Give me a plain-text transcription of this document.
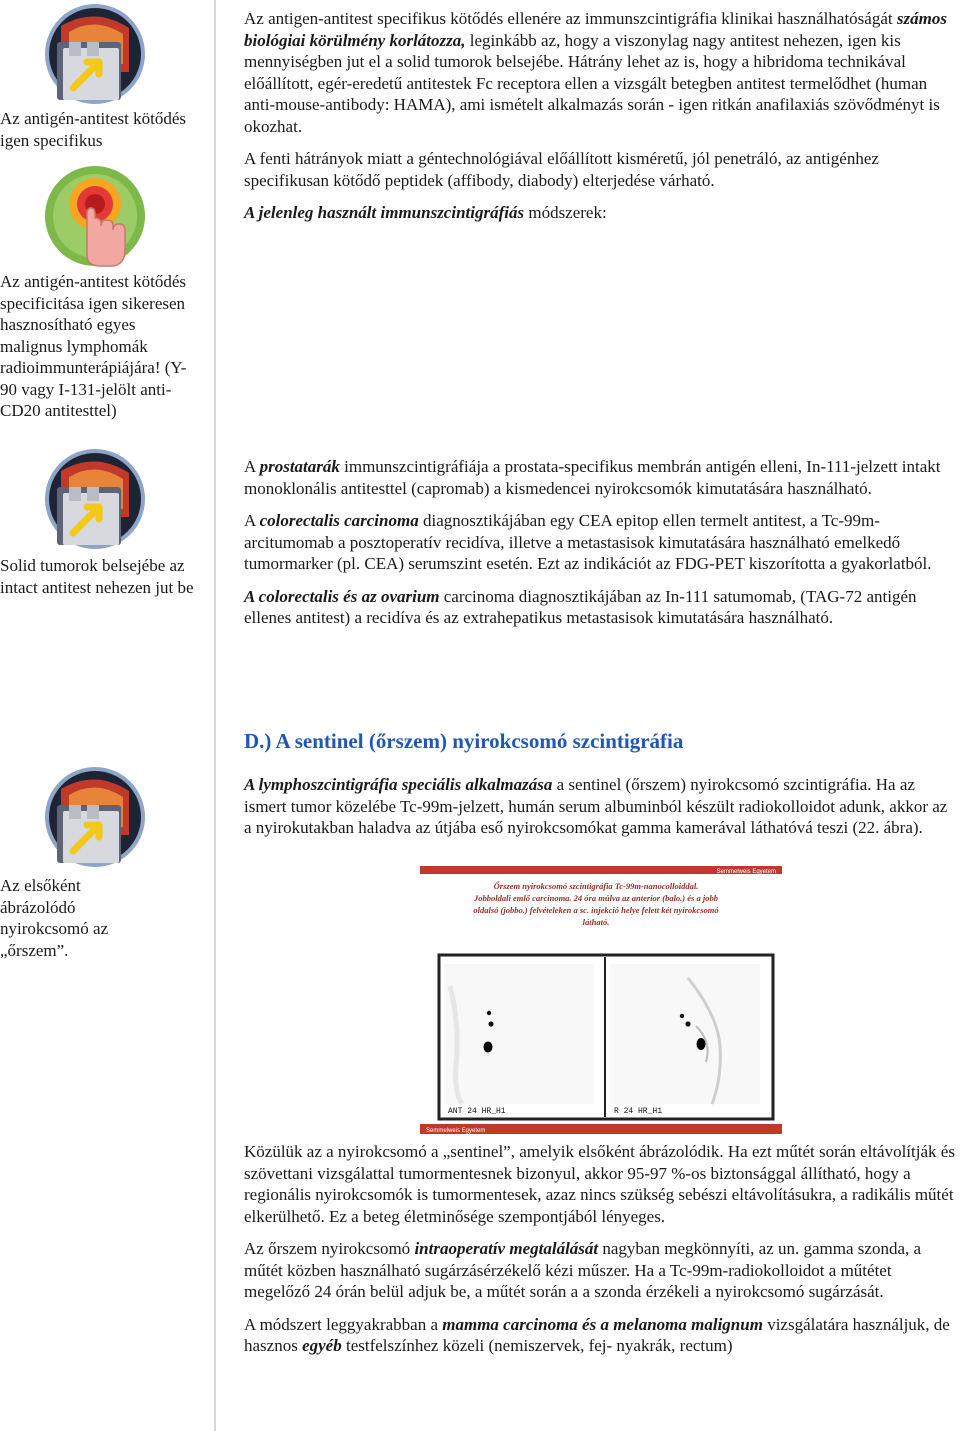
Az antigén-antitest kötődés igen specifikus
Az antigén-antitest kötődés specificitása igen sikeresen hasznosítható egyes malignus lymphomák radioimmunterápiájára! (Y-90 vagy I-131-jelölt anti-CD20 antitesttel)
Solid tumorok belsejébe az intact antitest nehezen jut be
Az elsőként ábrázolódó nyirokcsomó az „őrszem”.

Az antigen-antitest specifikus kötődés ellenére az immunszcintigráfia klinikai használhatóságát számos biológiai körülmény korlátozza, leginkább az, hogy a viszonylag nagy antitest nehezen, igen kis mennyiségben jut el a solid tumorok belsejébe. Hátrány lehet az is, hogy a hibridoma technikával előállított, egér-eredetű antitestek Fc receptora ellen a vizsgált betegben antitest termelődhet (human anti-mouse-antibody: HAMA), ami ismételt alkalmazás során - igen ritkán anafilaxiás szövődményt is okozhat.

A fenti hátrányok miatt a géntechnológiával előállított kisméretű, jól penetráló, az antigénhez specifikusan kötődő peptidek (affibody, diabody) elterjedése várható.

A jelenleg használt immunszcintigráfiás módszerek:

A prostatarák immunszcintigráfiája a prostata-specifikus membrán antigén elleni, In-111-jelzett intakt monoklonális antitesttel (capromab) a kismedencei nyirokcsomók kimutatására használható.

A colorectalis carcinoma diagnosztikájában egy CEA epitop ellen termelt antitest, a Tc-99m-arcitumomab a posztoperatív recidíva, illetve a metastasisok kimutatására használható emelkedő tumormarker (pl. CEA) serumszint esetén. Ezt az indikációt az FDG-PET kiszorította a gyakorlatból.

A colorectalis és az ovarium carcinoma diagnosztikájában az In-111 satumomab, (TAG-72 antigén ellenes antitest) a recidíva és az extrahepatikus metastasisok kimutatására használható.

D.) A sentinel (őrszem) nyirokcsomó szcintigráfia

A lymphoszcintigráfia speciális alkalmazása a sentinel (őrszem) nyirokcsomó szcintigráfia. Ha az ismert tumor közelébe Tc-99m-jelzett, humán serum albuminból készült radiokolloidot adunk, akkor az a nyirokutakban haladva az útjába eső nyirokcsomókat gamma kamerával láthatóvá teszi (22. ábra).

Semmelweis Egyetem
Őrszem nyirokcsomó szcintigráfia Tc-99m-nanocolloiddal.
Jobboldali emlő carcinoma. 24 óra múlva az anterior (balo.) és a jobb
oldalsó (jobbo.) felvételeken a sc. injekció helye felett két nyirokcsomó
látható.
ANT 24 HR_H1	R 24 HR_H1
Semmelweis Egyetem

Közülük az a nyirokcsomó a „sentinel”, amelyik elsőként ábrázolódik. Ha ezt műtét során eltávolítják és szövettani vizsgálattal tumormentesnek bizonyul, akkor 95-97 %-os biztonsággal állítható, hogy a regionális nyirokcsomók is tumormentesek, azaz nincs szükség sebészi eltávolításukra, a radikális műtét elkerülhető. Ez a beteg életminősége szempontjából lényeges.

Az őrszem nyirokcsomó intraoperatív megtalálását nagyban megkönnyíti, az un. gamma szonda, a műtét közben használható sugárzásérzékelő kézi műszer. Ha a Tc-99m-radiokolloidot a műtétet megelőző 24 órán belül adjuk be, a műtét során a a szonda érzékeli a nyirokcsomó sugárzását.

A módszert leggyakrabban a mamma carcinoma és a melanoma malignum vizsgálatára használjuk, de hasznos egyéb testfelszínhez közeli (nemiszervek, fej- nyakrák, rectum)
